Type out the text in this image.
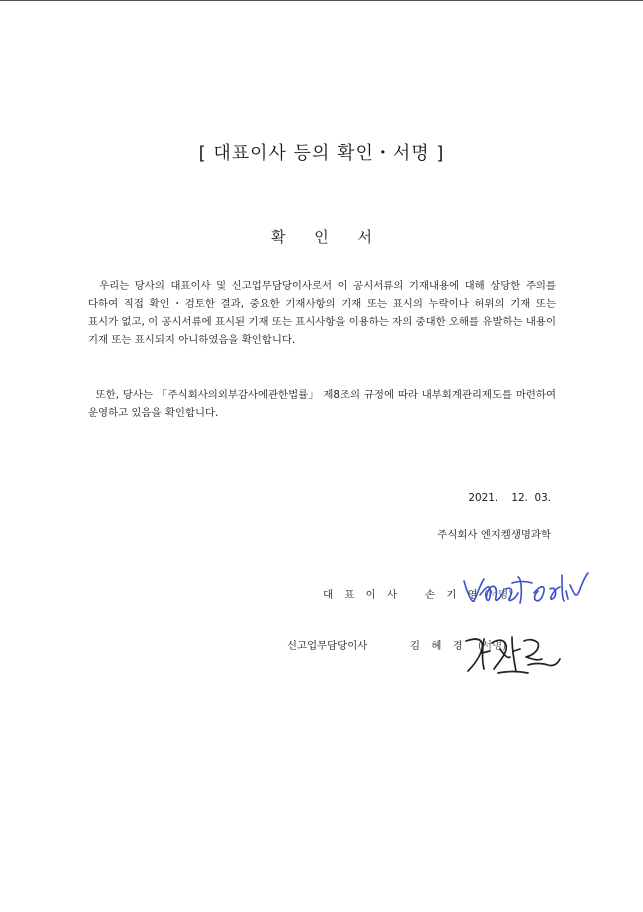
[ 대표이사 등의 확인・서명 ]
확 인 서
우리는 당사의 대표이사 및 신고업무담당이사로서 이 공시서류의 기재내용에 대해 상당한 주의를 다하여 직접 확인・검토한 결과, 중요한 기재사항의 기재 또는 표시의 누락이나 허위의 기재 또는 표시가 없고, 이 공시서류에 표시된 기재 또는 표시사항을 이용하는 자의 중대한 오해를 유발하는 내용이 기재 또는 표시되지 아니하였음을 확인합니다.
또한, 당사는 「주식회사의외부감사에관한법률」 제8조의 규정에 따라 내부회계관리제도를 마련하여 운영하고 있음을 확인합니다.
2021.    12.  03.
주식회사 엔지켐생명과학
대 표 이 사 손 기 영 (서명)
신고업무담당이사	김 혜 경 (서명)
